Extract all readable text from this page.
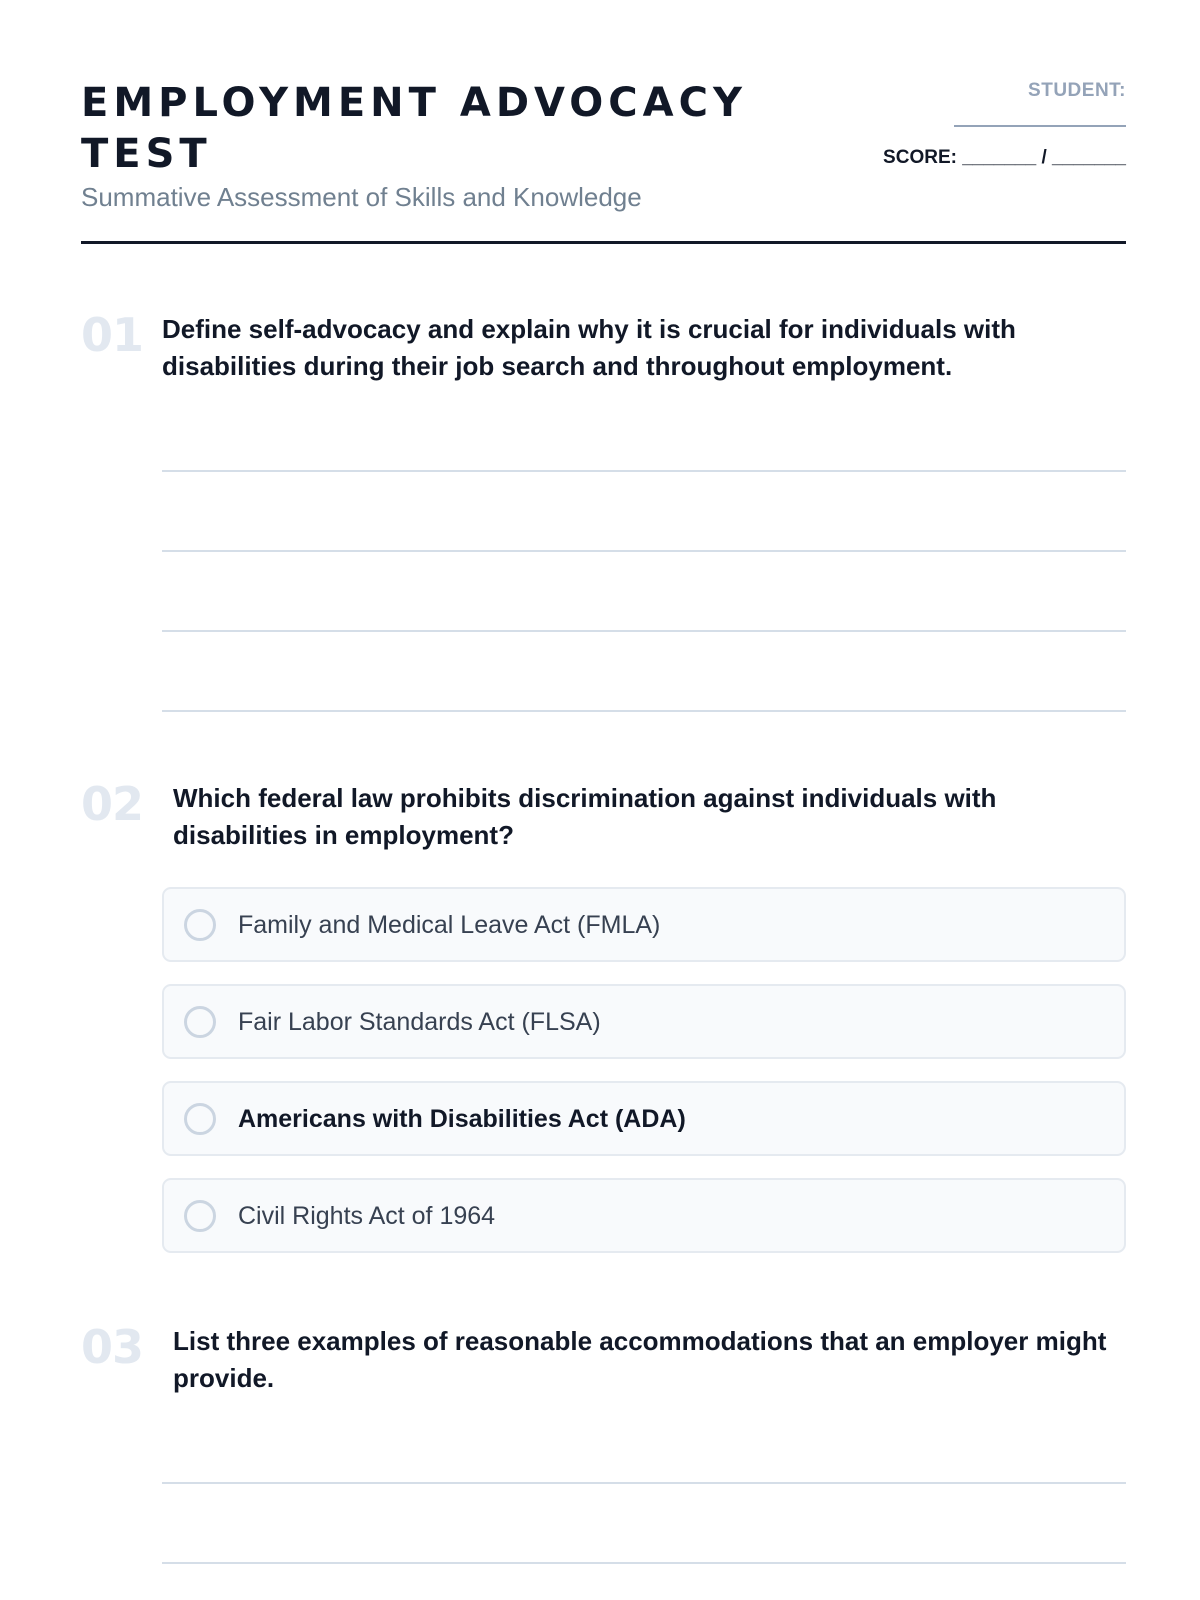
EMPLOYMENT ADVOCACY TEST

Summative Assessment of Skills and Knowledge

STUDENT:
SCORE: _______ / _______
01 Define self-advocacy and explain why it is crucial for individuals with disabilities during their job search and throughout employment.

02 Which federal law prohibits discrimination against individuals with disabilities in employment?

Family and Medical Leave Act (FMLA)
Fair Labor Standards Act (FLSA)
Americans with Disabilities Act (ADA)
Civil Rights Act of 1964
03 List three examples of reasonable accommodations that an employer might provide.
